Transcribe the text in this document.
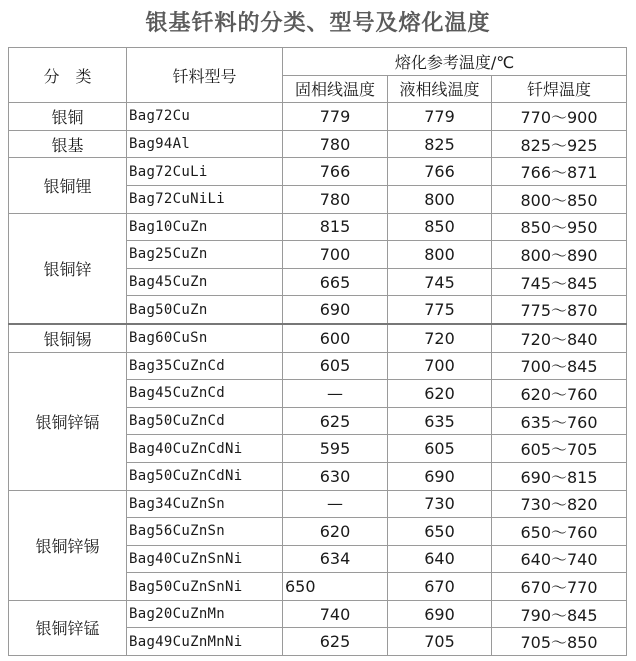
银基钎料的分类、型号及熔化温度
分　类	钎料型号	熔化参考温度/℃		
		固相线温度	液相线温度	钎焊温度
银铜	Bag72Cu	779	779	770～900
银基	Bag94Al	780	825	825～925
银铜锂	Bag72CuLi	766	766	766～871
	Bag72CuNiLi	780	800	800～850
银铜锌	Bag10CuZn	815	850	850～950
	Bag25CuZn	700	800	800～890
	Bag45CuZn	665	745	745～845
	Bag50CuZn	690	775	775～870
银铜锡	Bag60CuSn	600	720	720～840
银铜锌镉	Bag35CuZnCd	605	700	700～845
	Bag45CuZnCd	—	620	620～760
	Bag50CuZnCd	625	635	635～760
	Bag40CuZnCdNi	595	605	605～705
	Bag50CuZnCdNi	630	690	690～815
银铜锌锡	Bag34CuZnSn	—	730	730～820
	Bag56CuZnSn	620	650	650～760
	Bag40CuZnSnNi	634	640	640～740
	Bag50CuZnSnNi	650	670	670～770
银铜锌锰	Bag20CuZnMn	740	690	790～845
	Bag49CuZnMnNi	625	705	705～850
